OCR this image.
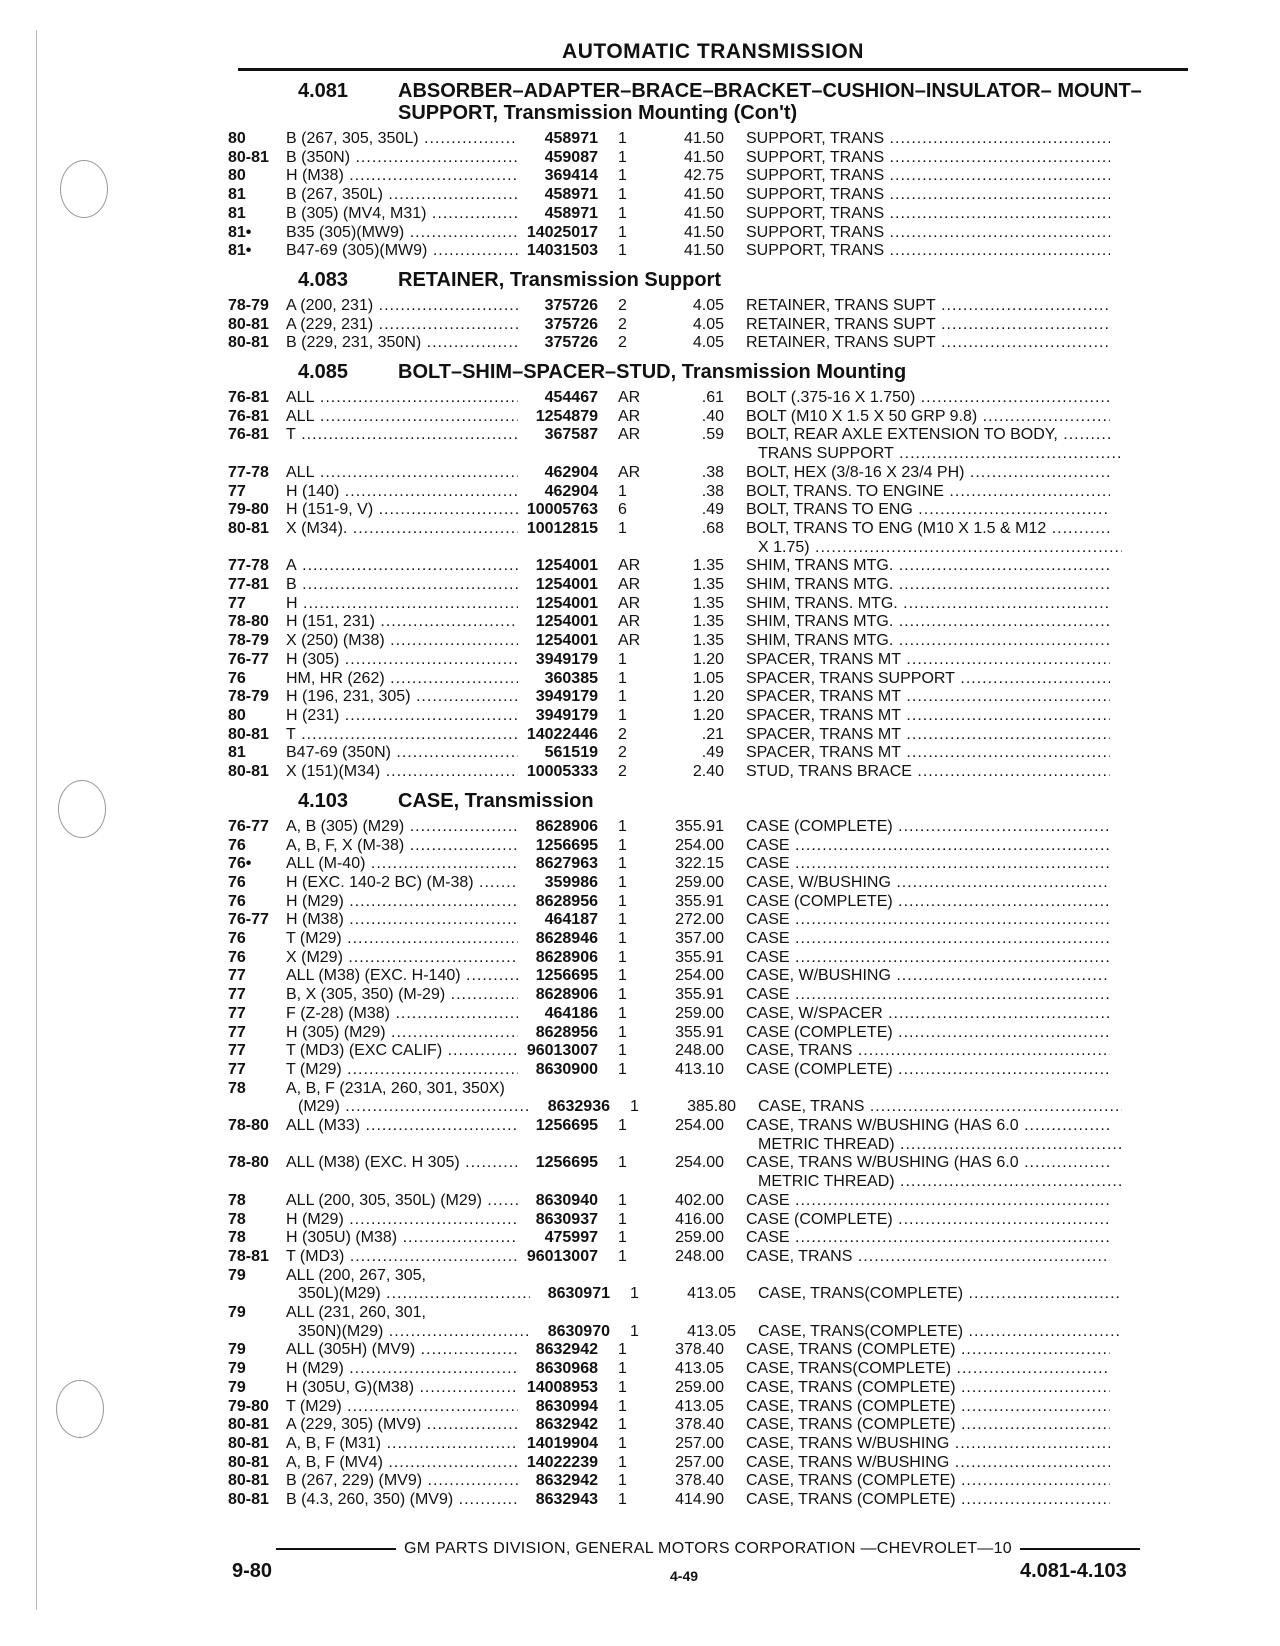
AUTOMATIC TRANSMISSION
4.081	ABSORBER–ADAPTER–BRACE–BRACKET–CUSHION–INSULATOR– MOUNT–SUPPORT, Transmission Mounting (Con't)
80	B (267, 305, 350L) .....	458971	1	41.50 SUPPORT, TRANS .....
80-81	B (350N) .....	459087	1	41.50 SUPPORT, TRANS .....
80	H (M38) .....	369414	1	42.75 SUPPORT, TRANS .....
81	B (267, 350L) .....	458971	1	41.50 SUPPORT, TRANS .....
81	B (305) (MV4, M31) .....	458971	1	41.50 SUPPORT, TRANS .....
81•	B35 (305)(MW9) .....	14025017	1	41.50 SUPPORT, TRANS .....
81•	B47-69 (305)(MW9) .....	14031503	1	41.50 SUPPORT, TRANS .....
4.083	RETAINER, Transmission Support
78-79	A (200, 231) .....	375726	2	4.05 RETAINER, TRANS SUPT .....
80-81	A (229, 231) .....	375726	2	4.05 RETAINER, TRANS SUPT .....
80-81	B (229, 231, 350N) .....	375726	2	4.05 RETAINER, TRANS SUPT .....
4.085	BOLT–SHIM–SPACER–STUD, Transmission Mounting
76-81	ALL .....	454467	AR	.61 BOLT (.375-16 X 1.750) .....
76-81	ALL .....	1254879	AR	.40 BOLT (M10 X 1.5 X 50 GRP 9.8) .....
76-81	T .....	367587	AR	.59 BOLT, REAR AXLE EXTENSION TO BODY, .....
TRANS SUPPORT .....
77-78	ALL .....	462904	AR	.38 BOLT, HEX (3/8-16 X 23/4 PH) .....
77	H (140) .....	462904	1	.38 BOLT, TRANS. TO ENGINE .....
79-80	H (151-9, V) .....	10005763	6	.49 BOLT, TRANS TO ENG .....
80-81	X (M34). .....	10012815	1	.68 BOLT, TRANS TO ENG (M10 X 1.5 & M12 .....
X 1.75) .....
77-78	A .....	1254001	AR	1.35 SHIM, TRANS MTG. .....
77-81	B .....	1254001	AR	1.35 SHIM, TRANS MTG. .....
77	H .....	1254001	AR	1.35 SHIM, TRANS. MTG. .....
78-80	H (151, 231) .....	1254001	AR	1.35 SHIM, TRANS MTG. .....
78-79	X (250) (M38) .....	1254001	AR	1.35 SHIM, TRANS MTG. .....
76-77	H (305) .....	3949179	1	1.20 SPACER, TRANS MT .....
76	HM, HR (262) .....	360385	1	1.05 SPACER, TRANS SUPPORT .....
78-79	H (196, 231, 305) .....	3949179	1	1.20 SPACER, TRANS MT .....
80	H (231) .....	3949179	1	1.20 SPACER, TRANS MT .....
80-81	T .....	14022446	2	.21 SPACER, TRANS MT .....
81	B47-69 (350N) .....	561519	2	.49 SPACER, TRANS MT .....
80-81	X (151)(M34) .....	10005333	2	2.40 STUD, TRANS BRACE .....
4.103	CASE, Transmission
76-77	A, B (305) (M29) .....	8628906	1	355.91 CASE (COMPLETE) .....
76	A, B, F, X (M-38) .....	1256695	1	254.00 CASE .....
76•	ALL (M-40) .....	8627963	1	322.15 CASE .....
76	H (EXC. 140-2 BC) (M-38) .....	359986	1	259.00 CASE, W/BUSHING .....
76	H (M29) .....	8628956	1	355.91 CASE (COMPLETE) .....
76-77	H (M38) .....	464187	1	272.00 CASE .....
76	T (M29) .....	8628946	1	357.00 CASE .....
76	X (M29) .....	8628906	1	355.91 CASE .....
77	ALL (M38) (EXC. H-140) .....	1256695	1	254.00 CASE, W/BUSHING .....
77	B, X (305, 350) (M-29) .....	8628906	1	355.91 CASE .....
77	F (Z-28) (M38) .....	464186	1	259.00 CASE, W/SPACER .....
77	H (305) (M29) .....	8628956	1	355.91 CASE (COMPLETE) .....
77	T (MD3) (EXC CALIF) .....	96013007	1	248.00 CASE, TRANS .....
77	T (M29) .....	8630900	1	413.10 CASE (COMPLETE) .....
78	A, B, F (231A, 260, 301, 350X)
(M29) .....	8632936	1	385.80 CASE, TRANS .....
78-80	ALL (M33) .....	1256695	1	254.00 CASE, TRANS W/BUSHING (HAS 6.0 .....
METRIC THREAD) .....
78-80	ALL (M38) (EXC. H 305) .....	1256695	1	254.00 CASE, TRANS W/BUSHING (HAS 6.0 .....
METRIC THREAD) .....
78	ALL (200, 305, 350L) (M29) .....	8630940	1	402.00 CASE .....
78	H (M29) .....	8630937	1	416.00 CASE (COMPLETE) .....
78	H (305U) (M38) .....	475997	1	259.00 CASE .....
78-81	T (MD3) .....	96013007	1	248.00 CASE, TRANS .....
79	ALL (200, 267, 305,
350L)(M29) .....	8630971	1	413.05 CASE, TRANS(COMPLETE) .....
79	ALL (231, 260, 301,
350N)(M29) .....	8630970	1	413.05 CASE, TRANS(COMPLETE) .....
79	ALL (305H) (MV9) .....	8632942	1	378.40 CASE, TRANS (COMPLETE) .....
79	H (M29) .....	8630968	1	413.05 CASE, TRANS(COMPLETE) .....
79	H (305U, G)(M38) .....	14008953	1	259.00 CASE, TRANS (COMPLETE) .....
79-80	T (M29) .....	8630994	1	413.05 CASE, TRANS (COMPLETE) .....
80-81	A (229, 305) (MV9) .....	8632942	1	378.40 CASE, TRANS (COMPLETE) .....
80-81	A, B, F (M31) .....	14019904	1	257.00 CASE, TRANS W/BUSHING .....
80-81	A, B, F (MV4) .....	14022239	1	257.00 CASE, TRANS W/BUSHING .....
80-81	B (267, 229) (MV9) .....	8632942	1	378.40 CASE, TRANS (COMPLETE) .....
80-81	B (4.3, 260, 350) (MV9) .....	8632943	1	414.90 CASE, TRANS (COMPLETE) .....
GM PARTS DIVISION, GENERAL MOTORS CORPORATION —CHEVROLET—10
9-80	4-49	4.081-4.103
